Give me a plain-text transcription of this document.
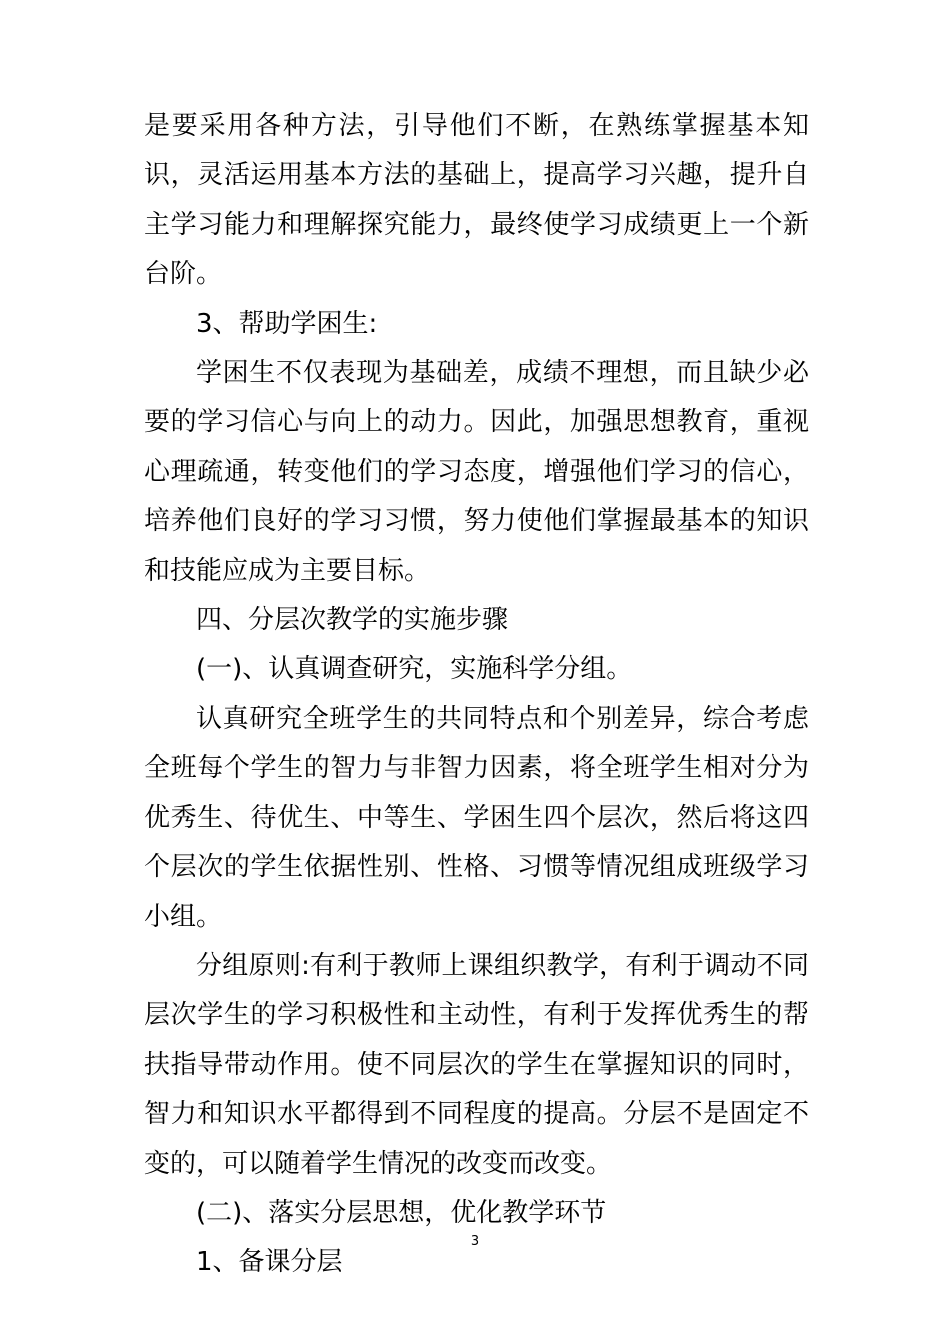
是要采用各种方法，引导他们不断，在熟练掌握基本知识，灵活运用基本方法的基础上，提高学习兴趣，提升自主学习能力和理解探究能力，最终使学习成绩更上一个新台阶。

3、帮助学困生:

学困生不仅表现为基础差，成绩不理想，而且缺少必要的学习信心与向上的动力。因此，加强思想教育，重视心理疏通，转变他们的学习态度，增强他们学习的信心，培养他们良好的学习习惯，努力使他们掌握最基本的知识和技能应成为主要目标。

四、分层次教学的实施步骤

(一)、认真调查研究，实施科学分组。

认真研究全班学生的共同特点和个别差异，综合考虑全班每个学生的智力与非智力因素，将全班学生相对分为优秀生、待优生、中等生、学困生四个层次，然后将这四个层次的学生依据性别、性格、习惯等情况组成班级学习小组。

分组原则:有利于教师上课组织教学，有利于调动不同层次学生的学习积极性和主动性，有利于发挥优秀生的帮扶指导带动作用。使不同层次的学生在掌握知识的同时，智力和知识水平都得到不同程度的提高。分层不是固定不变的，可以随着学生情况的改变而改变。

(二)、落实分层思想，优化教学环节

1、备课分层

3
